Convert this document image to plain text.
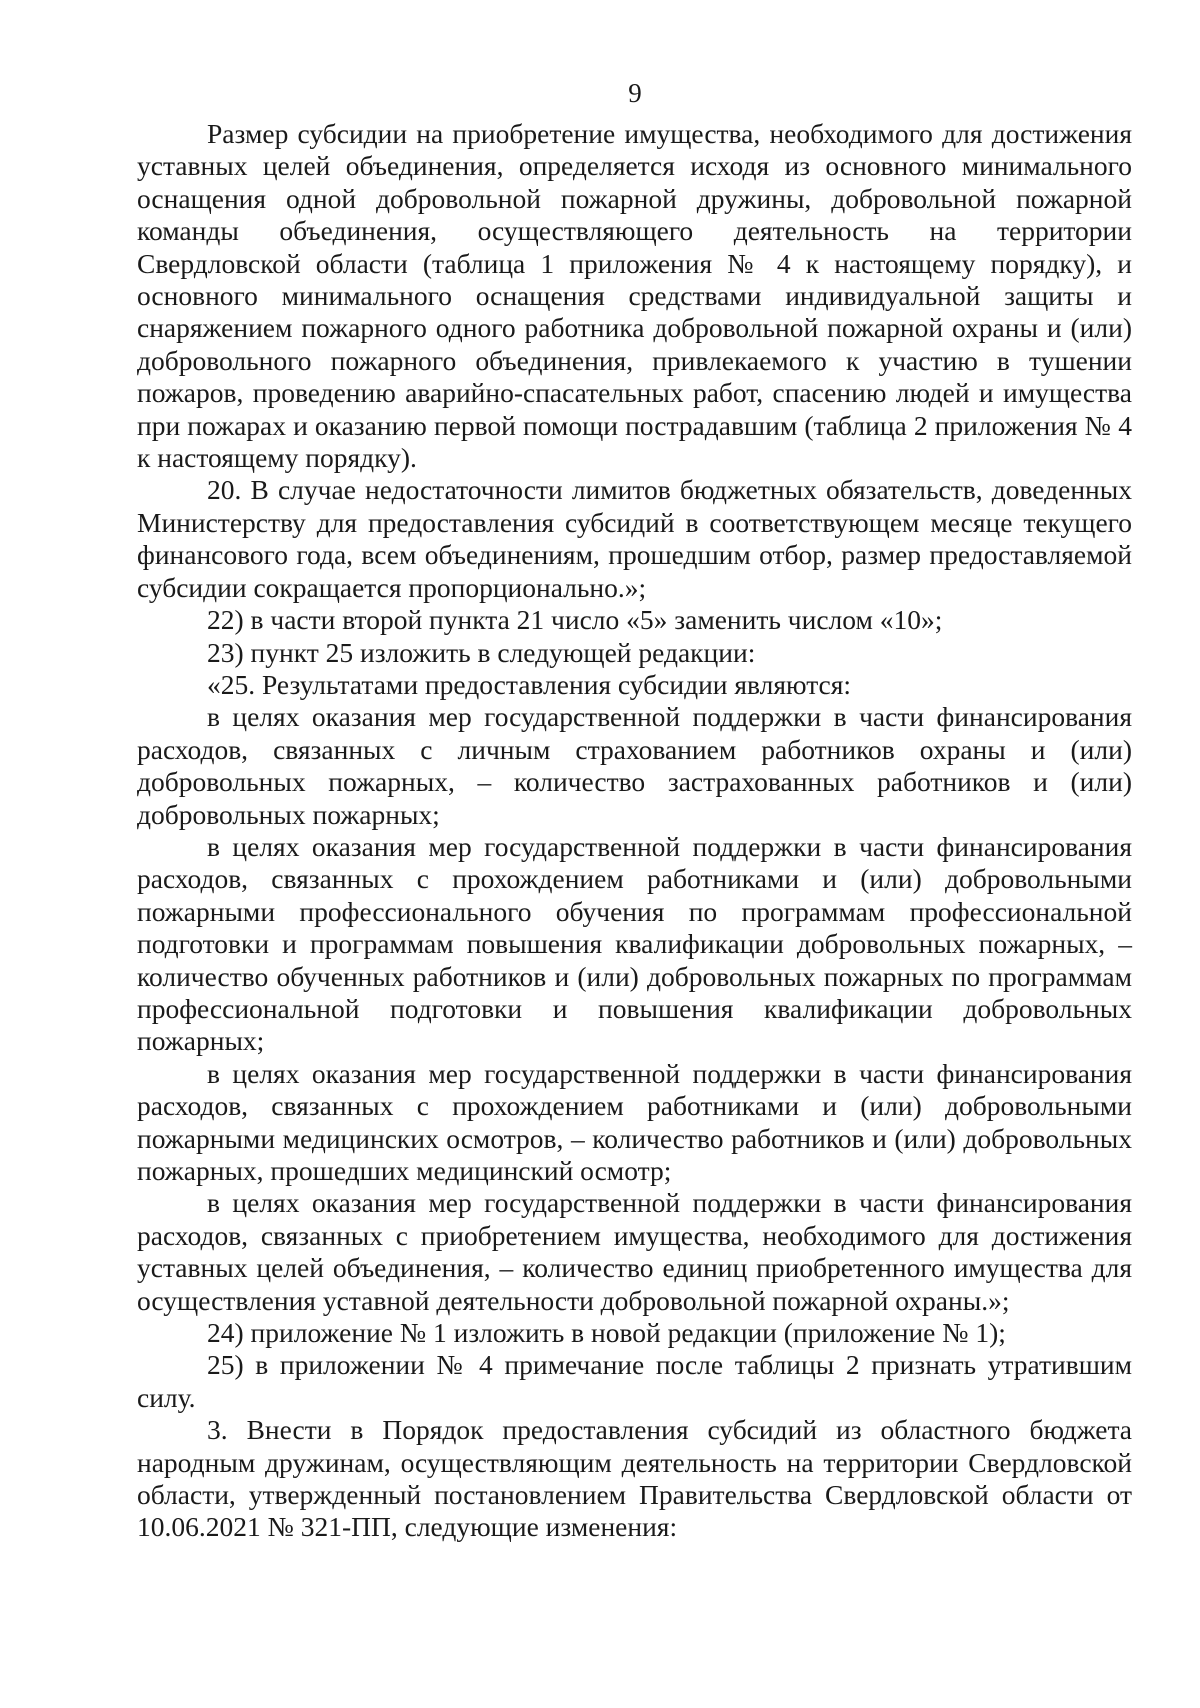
9

Размер субсидии на приобретение имущества, необходимого для достижения уставных целей объединения, определяется исходя из основного минимального оснащения одной добровольной пожарной дружины, добровольной пожарной команды объединения, осуществляющего деятельность на территории Свердловской области (таблица 1 приложения № 4 к настоящему порядку), и основного минимального оснащения средствами индивидуальной защиты и снаряжением пожарного одного работника добровольной пожарной охраны и (или) добровольного пожарного объединения, привлекаемого к участию в тушении пожаров, проведению аварийно-спасательных работ, спасению людей и имущества при пожарах и оказанию первой помощи пострадавшим (таблица 2 приложения № 4 к настоящему порядку).

20. В случае недостаточности лимитов бюджетных обязательств, доведенных Министерству для предоставления субсидий в соответствующем месяце текущего финансового года, всем объединениям, прошедшим отбор, размер предоставляемой субсидии сокращается пропорционально.»;

22) в части второй пункта 21 число «5» заменить числом «10»;

23) пункт 25 изложить в следующей редакции:

«25. Результатами предоставления субсидии являются:

в целях оказания мер государственной поддержки в части финансирования расходов, связанных с личным страхованием работников охраны и (или) добровольных пожарных, – количество застрахованных работников и (или) добровольных пожарных;

в целях оказания мер государственной поддержки в части финансирования расходов, связанных с прохождением работниками и (или) добровольными пожарными профессионального обучения по программам профессиональной подготовки и программам повышения квалификации добровольных пожарных, – количество обученных работников и (или) добровольных пожарных по программам профессиональной подготовки и повышения квалификации добровольных пожарных;

в целях оказания мер государственной поддержки в части финансирования расходов, связанных с прохождением работниками и (или) добровольными пожарными медицинских осмотров, – количество работников и (или) добровольных пожарных, прошедших медицинский осмотр;

в целях оказания мер государственной поддержки в части финансирования расходов, связанных с приобретением имущества, необходимого для достижения уставных целей объединения, – количество единиц приобретенного имущества для осуществления уставной деятельности добровольной пожарной охраны.»;

24) приложение № 1 изложить в новой редакции (приложение № 1);

25) в приложении № 4 примечание после таблицы 2 признать утратившим силу.

3. Внести в Порядок предоставления субсидий из областного бюджета народным дружинам, осуществляющим деятельность на территории Свердловской области, утвержденный постановлением Правительства Свердловской области от 10.06.2021 № 321-ПП, следующие изменения:
